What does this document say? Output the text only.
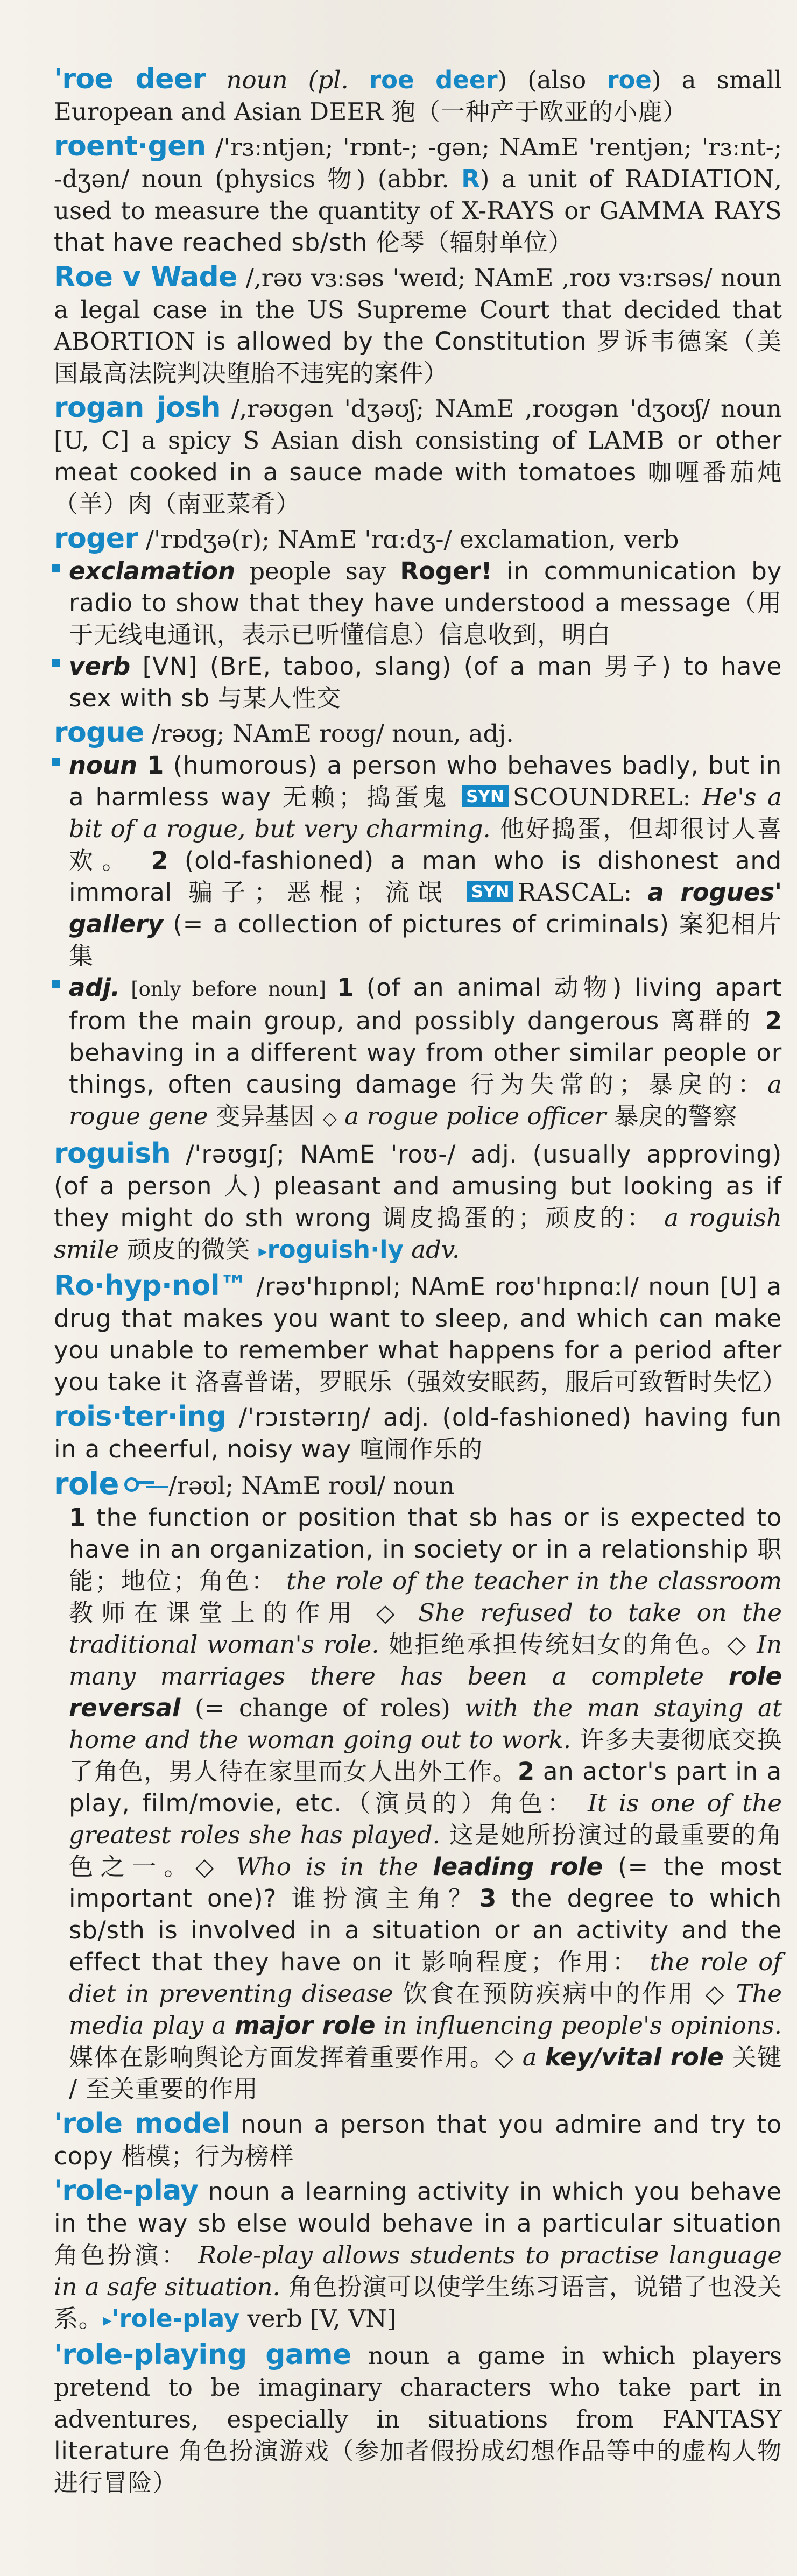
'roe deer noun (pl. roe deer) (also roe) a small European and Asian DEER 狍（一种产于欧亚的小鹿）
roent·gen /'rɜːntjən; 'rɒnt-; -gən; NAmE 'rentjən; 'rɜːnt-; -dʒən/ noun (physics 物) (abbr. R) a unit of RADIATION, used to measure the quantity of X-RAYS or GAMMA RAYS that have reached sb/sth 伦琴（辐射单位）
Roe v Wade /,rəʊ vɜːsəs 'weɪd; NAmE ,roʊ vɜːrsəs/ noun a legal case in the US Supreme Court that decided that ABORTION is allowed by the Constitution 罗诉韦德案（美国最高法院判决堕胎不违宪的案件）
rogan josh /,rəʊgən 'dʒəʊʃ; NAmE ,roʊgən 'dʒoʊʃ/ noun [U, C] a spicy S Asian dish consisting of LAMB or other meat cooked in a sauce made with tomatoes 咖喱番茄炖（羊）肉（南亚菜肴）
roger /'rɒdʒə(r); NAmE 'rɑːdʒ-/ exclamation, verb
exclamation people say Roger! in communication by radio to show that they have understood a message（用于无线电通讯，表示已听懂信息）信息收到，明白
verb [VN] (BrE, taboo, slang) (of a man 男子) to have sex with sb 与某人性交
rogue /rəʊg; NAmE roʊg/ noun, adj.
noun 1 (humorous) a person who behaves badly, but in a harmless way 无赖；捣蛋鬼 SYN SCOUNDREL: He's a bit of a rogue, but very charming. 他好捣蛋，但却很讨人喜欢。 2 (old-fashioned) a man who is dishonest and immoral 骗子；恶棍；流氓 SYN RASCAL: a rogues' gallery (= a collection of pictures of criminals) 案犯相片集
adj. [only before noun] 1 (of an animal 动物) living apart from the main group, and possibly dangerous 离群的 2 behaving in a different way from other similar people or things, often causing damage 行为失常的；暴戾的：a rogue gene 变异基因 ◇ a rogue police officer 暴戾的警察
roguish /'rəʊgɪʃ; NAmE 'roʊ-/ adj. (usually approving) (of a person 人) pleasant and amusing but looking as if they might do sth wrong 调皮捣蛋的；顽皮的： a roguish smile 顽皮的微笑 ▸roguish·ly adv.
Ro·hyp·nol™ /rəʊ'hɪpnɒl; NAmE roʊ'hɪpnɑːl/ noun [U] a drug that makes you want to sleep, and which can make you unable to remember what happens for a period after you take it 洛喜普诺，罗眠乐（强效安眠药，服后可致暂时失忆）
rois·ter·ing /'rɔɪstərɪŋ/ adj. (old-fashioned) having fun in a cheerful, noisy way 喧闹作乐的
role /rəʊl; NAmE roʊl/ noun
1 the function or position that sb has or is expected to have in an organization, in society or in a relationship 职能；地位；角色： the role of the teacher in the classroom 教师在课堂上的作用 ◇ She refused to take on the traditional woman's role. 她拒绝承担传统妇女的角色。◇ In many marriages there has been a complete role reversal (= change of roles) with the man staying at home and the woman going out to work. 许多夫妻彻底交换了角色，男人待在家里而女人出外工作。2 an actor's part in a play, film/movie, etc.（演员的）角色： It is one of the greatest roles she has played. 这是她所扮演过的最重要的角色之一。◇ Who is in the leading role (= the most important one)? 谁扮演主角？3 the degree to which sb/sth is involved in a situation or an activity and the effect that they have on it 影响程度；作用： the role of diet in preventing disease 饮食在预防疾病中的作用 ◇ The media play a major role in influencing people's opinions. 媒体在影响舆论方面发挥着重要作用。◇ a key/vital role 关键 / 至关重要的作用
'role model noun a person that you admire and try to copy 楷模；行为榜样
'role-play noun a learning activity in which you behave in the way sb else would behave in a particular situation 角色扮演： Role-play allows students to practise language in a safe situation. 角色扮演可以使学生练习语言，说错了也没关系。▸'role-play verb [V, VN]
'role-playing game noun a game in which players pretend to be imaginary characters who take part in adventures, especially in situations from FANTASY literature 角色扮演游戏（参加者假扮成幻想作品等中的虚构人物进行冒险）
